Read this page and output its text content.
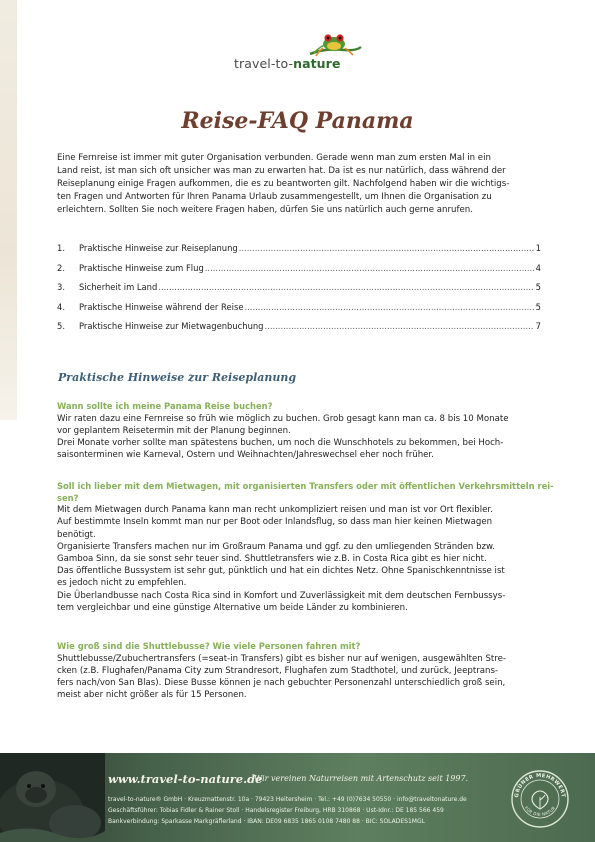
travel-to-nature
Reise-FAQ Panama

Eine Fernreise ist immer mit guter Organisation verbunden. Gerade wenn man zum ersten Mal in ein

Land reist, ist man sich oft unsicher was man zu erwarten hat. Da ist es nur natürlich, dass während der

Reiseplanung einige Fragen aufkommen, die es zu beantworten gilt. Nachfolgend haben wir die wichtigs-

ten Fragen und Antworten für Ihren Panama Urlaub zusammengestellt, um Ihnen die Organisation zu

erleichtern. Sollten Sie noch weitere Fragen haben, dürfen Sie uns natürlich auch gerne anrufen.

1.	Praktische Hinweise zur Reiseplanung .....	1
2.	Praktische Hinweise zum Flug .....	4
3.	Sicherheit im Land .....	5
4.	Praktische Hinweise während der Reise .....	5
5.	Praktische Hinweise zur Mietwagenbuchung .....	7
Praktische Hinweise zur Reiseplanung

Wann sollte ich meine Panama Reise buchen?

Wir raten dazu eine Fernreise so früh wie möglich zu buchen. Grob gesagt kann man ca. 8 bis 10 Monate

vor geplantem Reisetermin mit der Planung beginnen.

Drei Monate vorher sollte man spätestens buchen, um noch die Wunschhotels zu bekommen, bei Hoch-

saisonterminen wie Karneval, Ostern und Weihnachten/Jahreswechsel eher noch früher.

Soll ich lieber mit dem Mietwagen, mit organisierten Transfers oder mit öffentlichen Verkehrsmitteln rei-

sen?

Mit dem Mietwagen durch Panama kann man recht unkompliziert reisen und man ist vor Ort flexibler.

Auf bestimmte Inseln kommt man nur per Boot oder Inlandsflug, so dass man hier keinen Mietwagen

benötigt.

Organisierte Transfers machen nur im Großraum Panama und ggf. zu den umliegenden Stränden bzw.

Gamboa Sinn, da sie sonst sehr teuer sind. Shuttletransfers wie z.B. in Costa Rica gibt es hier nicht.

Das öffentliche Bussystem ist sehr gut, pünktlich und hat ein dichtes Netz. Ohne Spanischkenntnisse ist

es jedoch nicht zu empfehlen.

Die Überlandbusse nach Costa Rica sind in Komfort und Zuverlässigkeit mit dem deutschen Fernbussys-

tem vergleichbar und eine günstige Alternative um beide Länder zu kombinieren.

Wie groß sind die Shuttlebusse? Wie viele Personen fahren mit?

Shuttlebusse/Zubuchertransfers (=seat-in Transfers) gibt es bisher nur auf wenigen, ausgewählten Stre-

cken (z.B. Flughafen/Panama City zum Strandresort, Flughafen zum Stadthotel, und zurück, Jeeptrans-

fers nach/von San Blas). Diese Busse können je nach gebuchter Personenzahl unterschiedlich groß sein,

meist aber nicht größer als für 15 Personen.

www.travel-to-nature.de
Wir vereinen Naturreisen mit Artenschutz seit 1997.
travel-to-nature® GmbH · Kreuzmattenstr. 10a · 79423 Heitersheim · Tel.: +49 (0)7634 50550 · info@traveltonature.de
Geschäftsführer: Tobias Fidler & Rainer Stoll · Handelsregister Freiburg, HRB 310868 · Ust-Idnr.: DE 185 566 459
Bankverbindung: Sparkasse Markgräflerland · IBAN: DE09 6835 1865 0108 7480 88 · BIC: SOLADES1MGL
GRÜNER MEHRWERT
FÜR DIE NATUR
